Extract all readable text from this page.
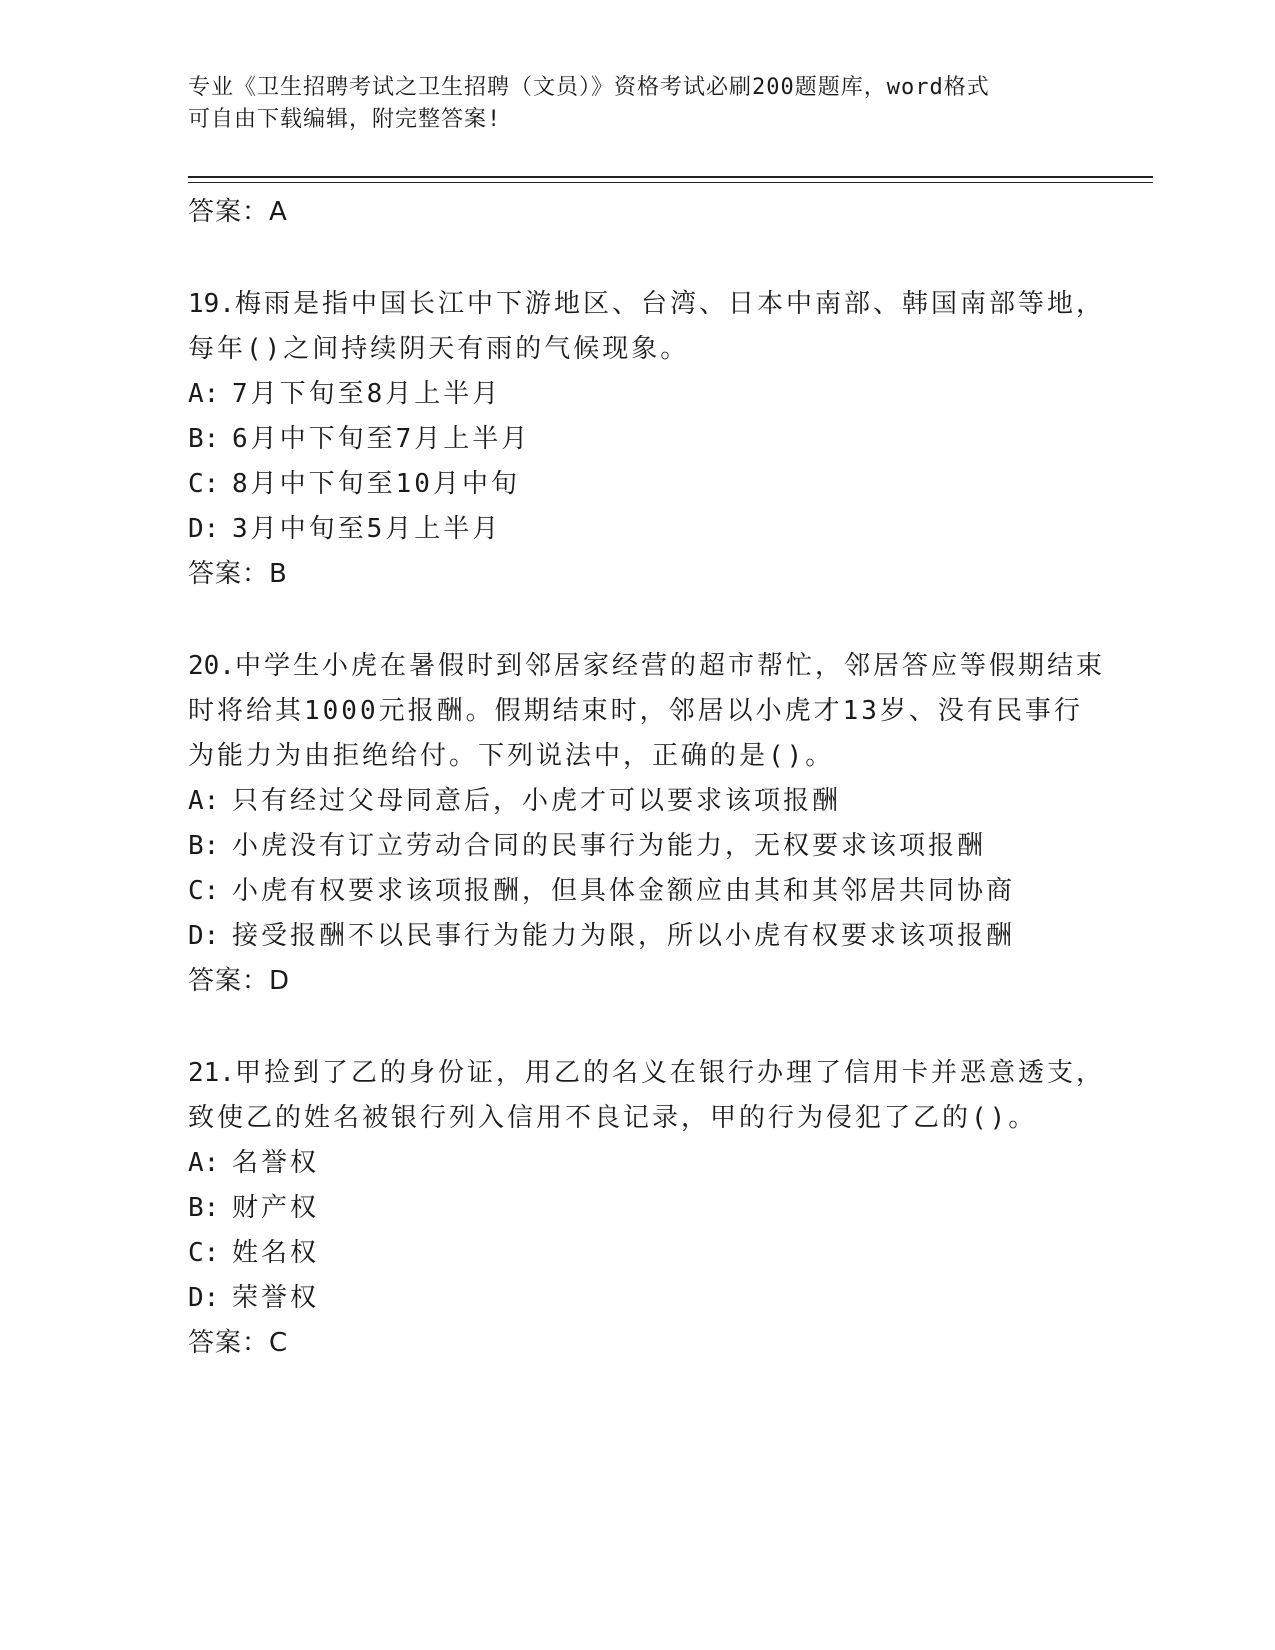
专业《卫生招聘考试之卫生招聘（文员）》资格考试必刷200题题库，word格式
可自由下载编辑，附完整答案!
答案：A
19.梅雨是指中国长江中下游地区、台湾、日本中南部、韩国南部等地，每年()之间持续阴天有雨的气候现象。
A: 7月下旬至8月上半月
B: 6月中下旬至7月上半月
C: 8月中下旬至10月中旬
D: 3月中旬至5月上半月
答案：B
20.中学生小虎在暑假时到邻居家经营的超市帮忙，邻居答应等假期结束时将给其1000元报酬。假期结束时，邻居以小虎才13岁、没有民事行为能力为由拒绝给付。下列说法中，正确的是()。
A: 只有经过父母同意后，小虎才可以要求该项报酬
B: 小虎没有订立劳动合同的民事行为能力，无权要求该项报酬
C: 小虎有权要求该项报酬，但具体金额应由其和其邻居共同协商
D: 接受报酬不以民事行为能力为限，所以小虎有权要求该项报酬
答案：D
21.甲捡到了乙的身份证，用乙的名义在银行办理了信用卡并恶意透支，致使乙的姓名被银行列入信用不良记录，甲的行为侵犯了乙的()。
A: 名誉权
B: 财产权
C: 姓名权
D: 荣誉权
答案：C
